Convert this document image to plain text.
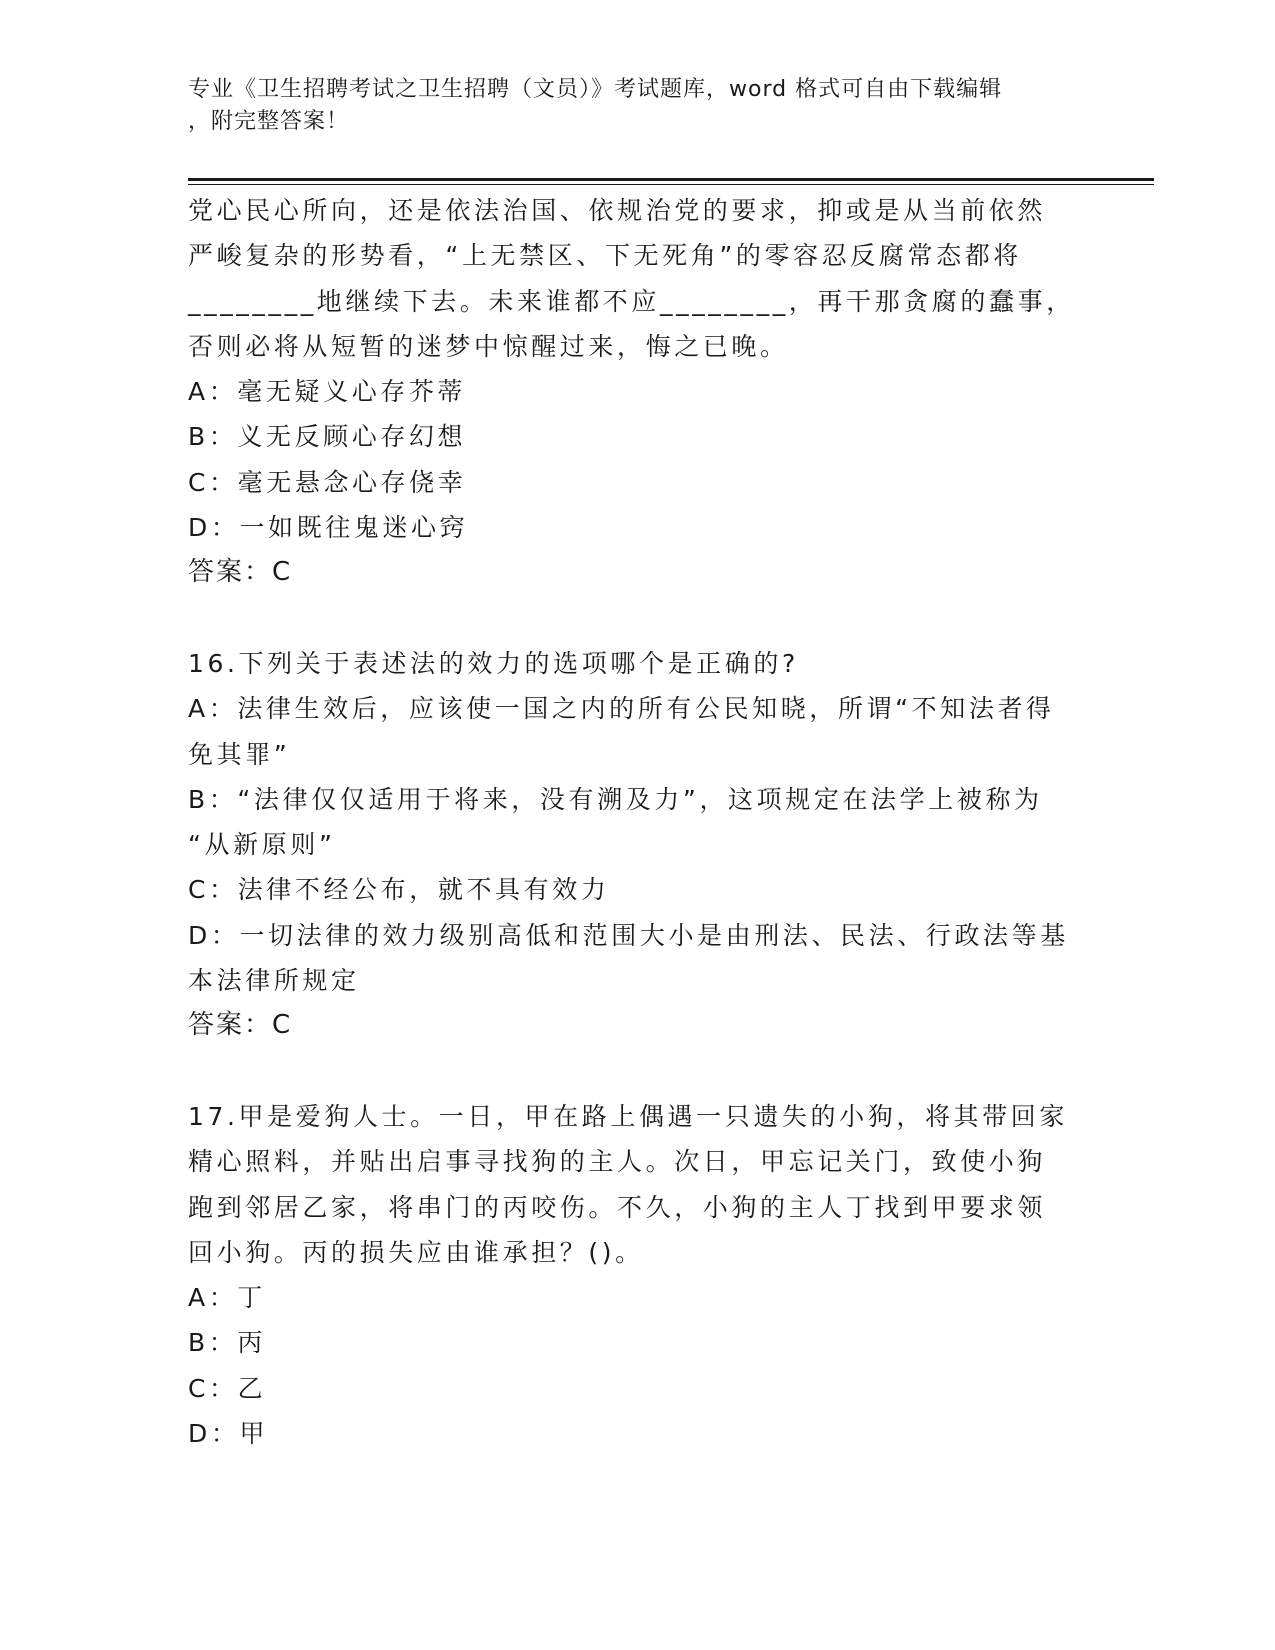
专业《卫生招聘考试之卫生招聘（文员）》考试题库，word 格式可自由下载编辑
，附完整答案！
党心民心所向，还是依法治国、依规治党的要求，抑或是从当前依然
严峻复杂的形势看，“上无禁区、下无死角”的零容忍反腐常态都将
________地继续下去。未来谁都不应________，再干那贪腐的蠢事，
否则必将从短暂的迷梦中惊醒过来，悔之已晚。
A：毫无疑义心存芥蒂
B：义无反顾心存幻想
C：毫无悬念心存侥幸
D：一如既往鬼迷心窍
答案：C
16.下列关于表述法的效力的选项哪个是正确的?
A：法律生效后，应该使一国之内的所有公民知晓，所谓“不知法者得
免其罪”
B：“法律仅仅适用于将来，没有溯及力”，这项规定在法学上被称为
“从新原则”
C：法律不经公布，就不具有效力
D：一切法律的效力级别高低和范围大小是由刑法、民法、行政法等基
本法律所规定
答案：C
17.甲是爱狗人士。一日，甲在路上偶遇一只遗失的小狗，将其带回家
精心照料，并贴出启事寻找狗的主人。次日，甲忘记关门，致使小狗
跑到邻居乙家，将串门的丙咬伤。不久，小狗的主人丁找到甲要求领
回小狗。丙的损失应由谁承担？()。
A：丁
B：丙
C：乙
D：甲
